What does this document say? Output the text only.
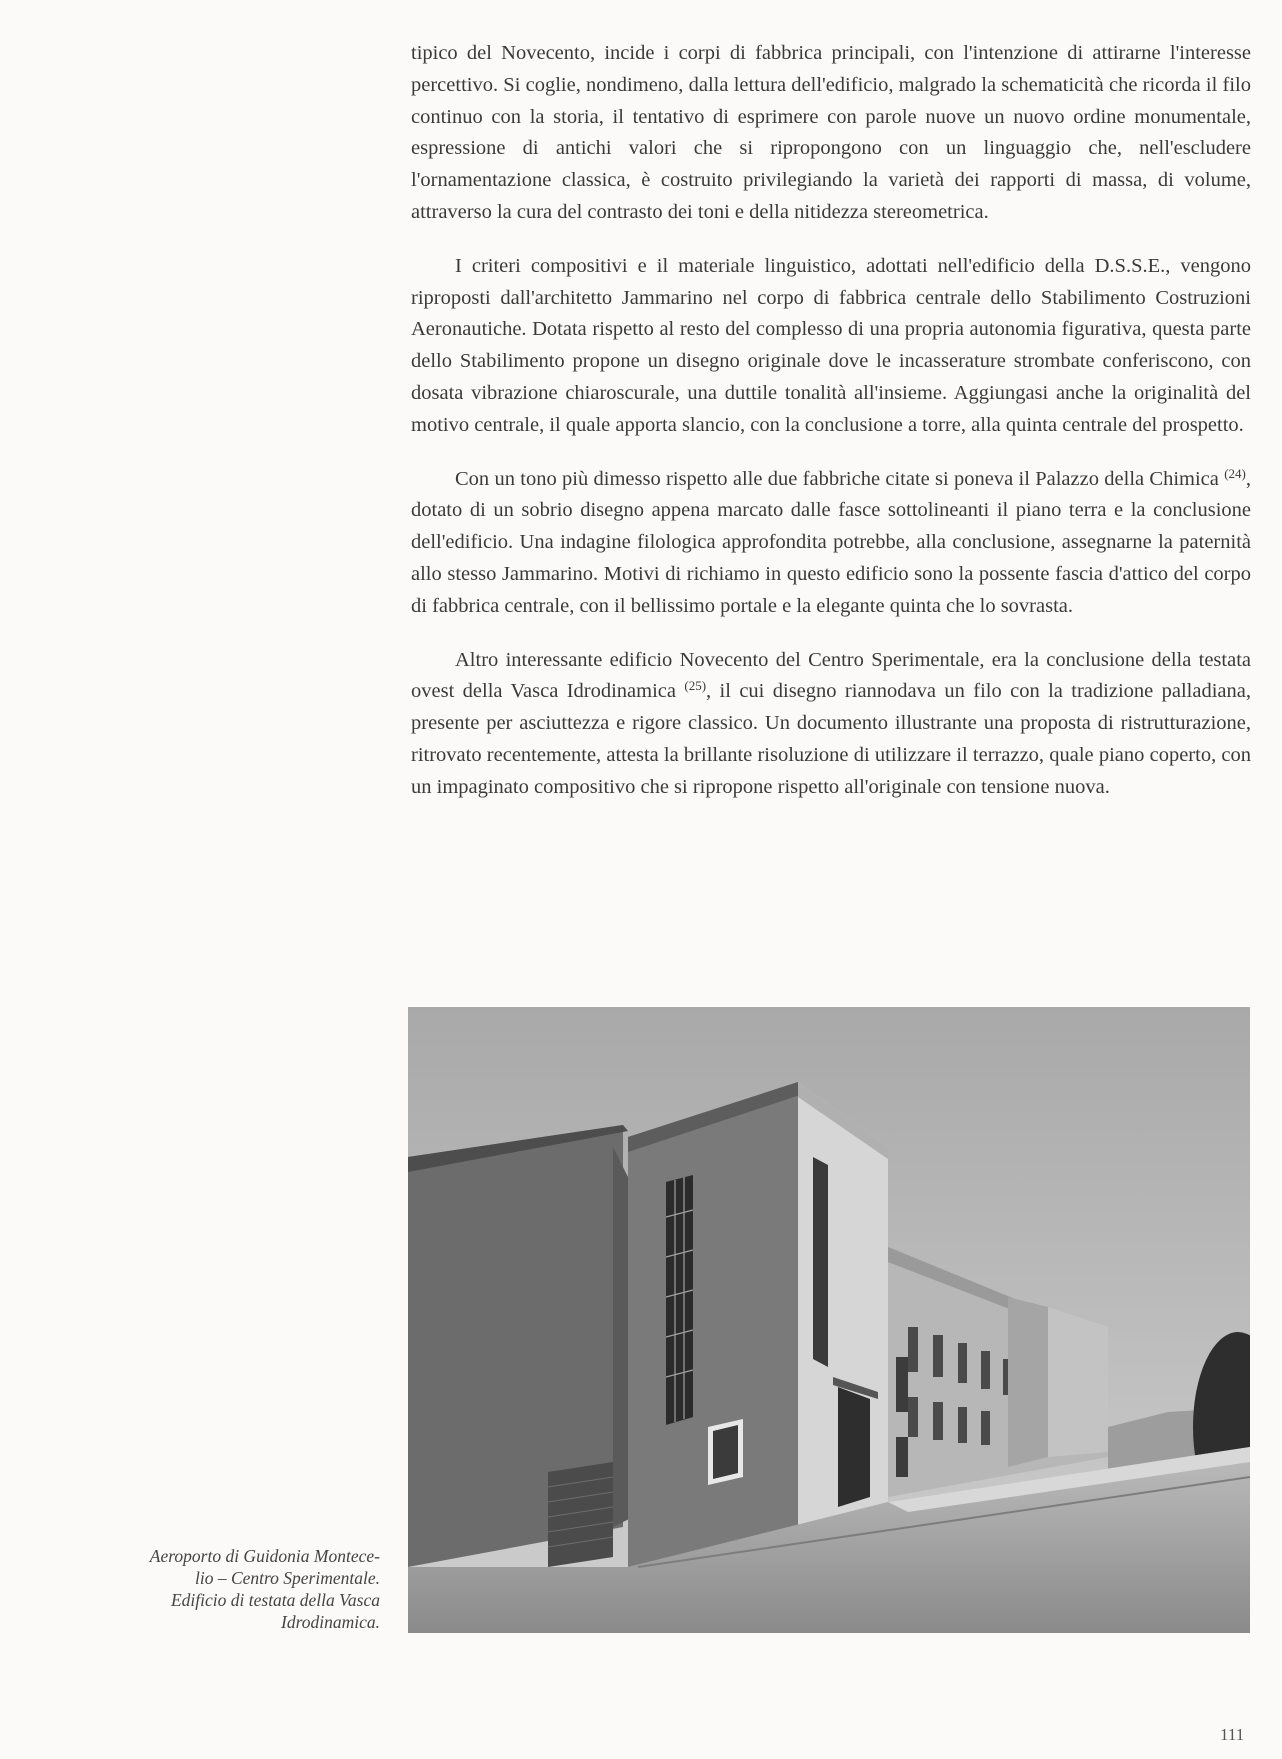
tipico del Novecento, incide i corpi di fabbrica principali, con l'intenzione di attirarne l'interesse percettivo. Si coglie, nondimeno, dalla lettura dell'edificio, malgrado la schematicità che ricorda il filo continuo con la storia, il tentativo di esprimere con parole nuove un nuovo ordine monumentale, espressione di antichi valori che si ripropongono con un linguaggio che, nell'escludere l'ornamentazione classica, è costruito privilegiando la varietà dei rapporti di massa, di volume, attraverso la cura del contrasto dei toni e della nitidezza stereometrica.

I criteri compositivi e il materiale linguistico, adottati nell'edificio della D.S.S.E., vengono riproposti dall'architetto Jammarino nel corpo di fabbrica centrale dello Stabilimento Costruzioni Aeronautiche. Dotata rispetto al resto del complesso di una propria autonomia figurativa, questa parte dello Stabilimento propone un disegno originale dove le incasserature strombate conferiscono, con dosata vibrazione chiaroscurale, una duttile tonalità all'insieme. Aggiungasi anche la originalità del motivo centrale, il quale apporta slancio, con la conclusione a torre, alla quinta centrale del prospetto.

Con un tono più dimesso rispetto alle due fabbriche citate si poneva il Palazzo della Chimica $^{(24)}$, dotato di un sobrio disegno appena marcato dalle fasce sottolineanti il piano terra e la conclusione dell'edificio. Una indagine filologica approfondita potrebbe, alla conclusione, assegnarne la paternità allo stesso Jammarino. Motivi di richiamo in questo edificio sono la possente fascia d'attico del corpo di fabbrica centrale, con il bellissimo portale e la elegante quinta che lo sovrasta.

Altro interessante edificio Novecento del Centro Sperimentale, era la conclusione della testata ovest della Vasca Idrodinamica $^{(25)}$, il cui disegno riannodava un filo con la tradizione palladiana, presente per asciuttezza e rigore classico. Un documento illustrante una proposta di ristrutturazione, ritrovato recentemente, attesta la brillante risoluzione di utilizzare il terrazzo, quale piano coperto, con un impaginato compositivo che si ripropone rispetto all'originale con tensione nuova.

Aeroporto di Guidonia Montece-
lio – Centro Sperimentale.
Edificio di testata della Vasca
Idrodinamica.
111
